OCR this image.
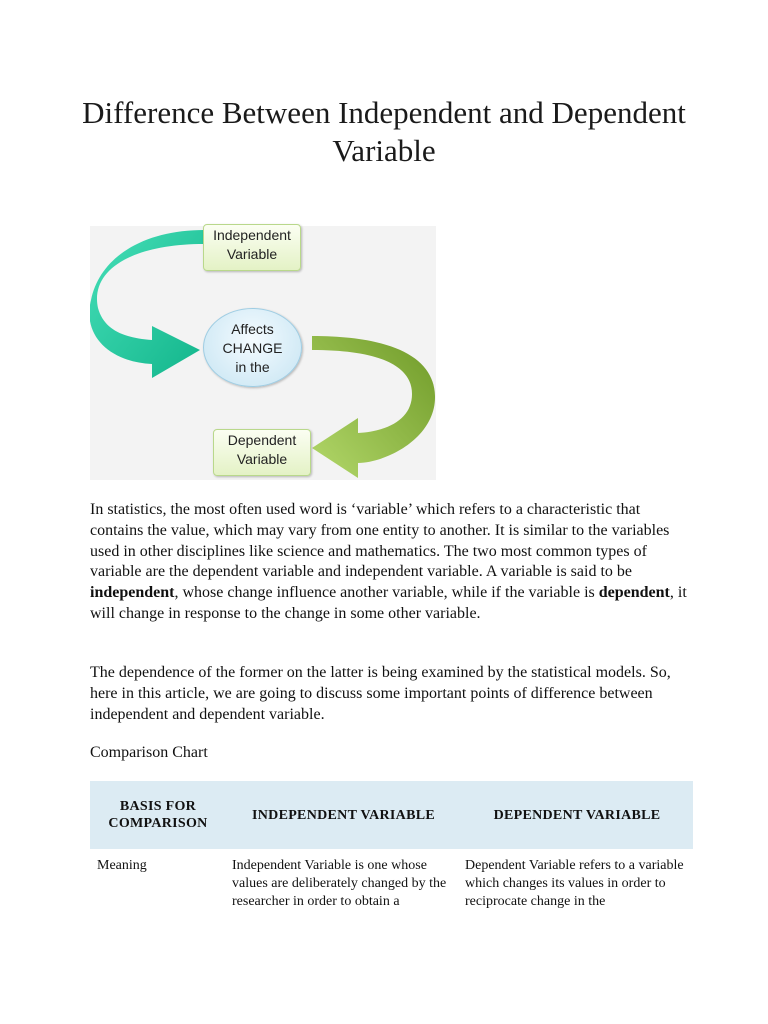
Difference Between Independent and Dependent Variable
Independent
Variable
Affects
CHANGE
in the
Dependent
Variable

In statistics, the most often used word is ‘variable’ which refers to a characteristic that contains the value, which may vary from one entity to another. It is similar to the variables used in other disciplines like science and mathematics. The two most common types of variable are the dependent variable and independent variable. A variable is said to be independent, whose change influence another variable, while if the variable is dependent, it will change in response to the change in some other variable.

The dependence of the former on the latter is being examined by the statistical models. So, here in this article, we are going to discuss some important points of difference between independent and dependent variable.

Comparison Chart

BASIS FOR COMPARISON
INDEPENDENT VARIABLE	DEPENDENT VARIABLE
Meaning	Independent Variable is one whose values are deliberately changed by the researcher in order to obtain a
Dependent Variable refers to a variable which changes its values in order to reciprocate change in the
